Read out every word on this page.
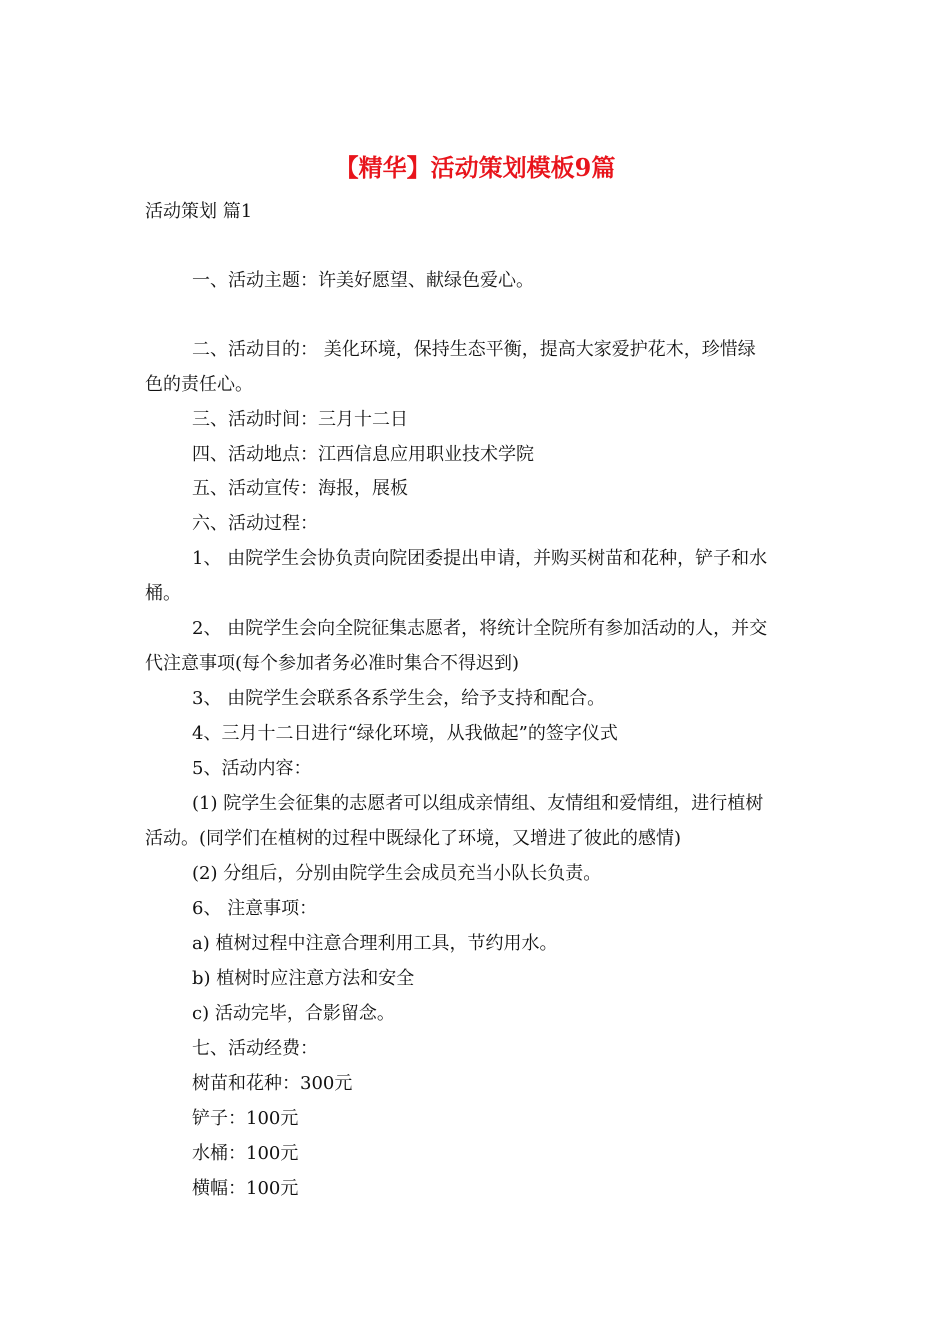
【精华】活动策划模板9篇

活动策划 篇1

一、活动主题：许美好愿望、献绿色爱心。

二、活动目的： 美化环境，保持生态平衡，提高大家爱护花木，珍惜绿

色的责任心。

三、活动时间：三月十二日

四、活动地点：江西信息应用职业技术学院

五、活动宣传：海报，展板

六、活动过程：

1、 由院学生会协负责向院团委提出申请，并购买树苗和花种，铲子和水

桶。

2、 由院学生会向全院征集志愿者，将统计全院所有参加活动的人，并交

代注意事项(每个参加者务必准时集合不得迟到)

3、 由院学生会联系各系学生会，给予支持和配合。

4、三月十二日进行“绿化环境，从我做起”的签字仪式

5、活动内容：

(1) 院学生会征集的志愿者可以组成亲情组、友情组和爱情组，进行植树

活动。(同学们在植树的过程中既绿化了环境，又增进了彼此的感情)

(2) 分组后，分别由院学生会成员充当小队长负责。

6、 注意事项：

a) 植树过程中注意合理利用工具，节约用水。

b) 植树时应注意方法和安全

c) 活动完毕，合影留念。

七、活动经费：

树苗和花种：300元

铲子：100元

水桶：100元

横幅：100元
